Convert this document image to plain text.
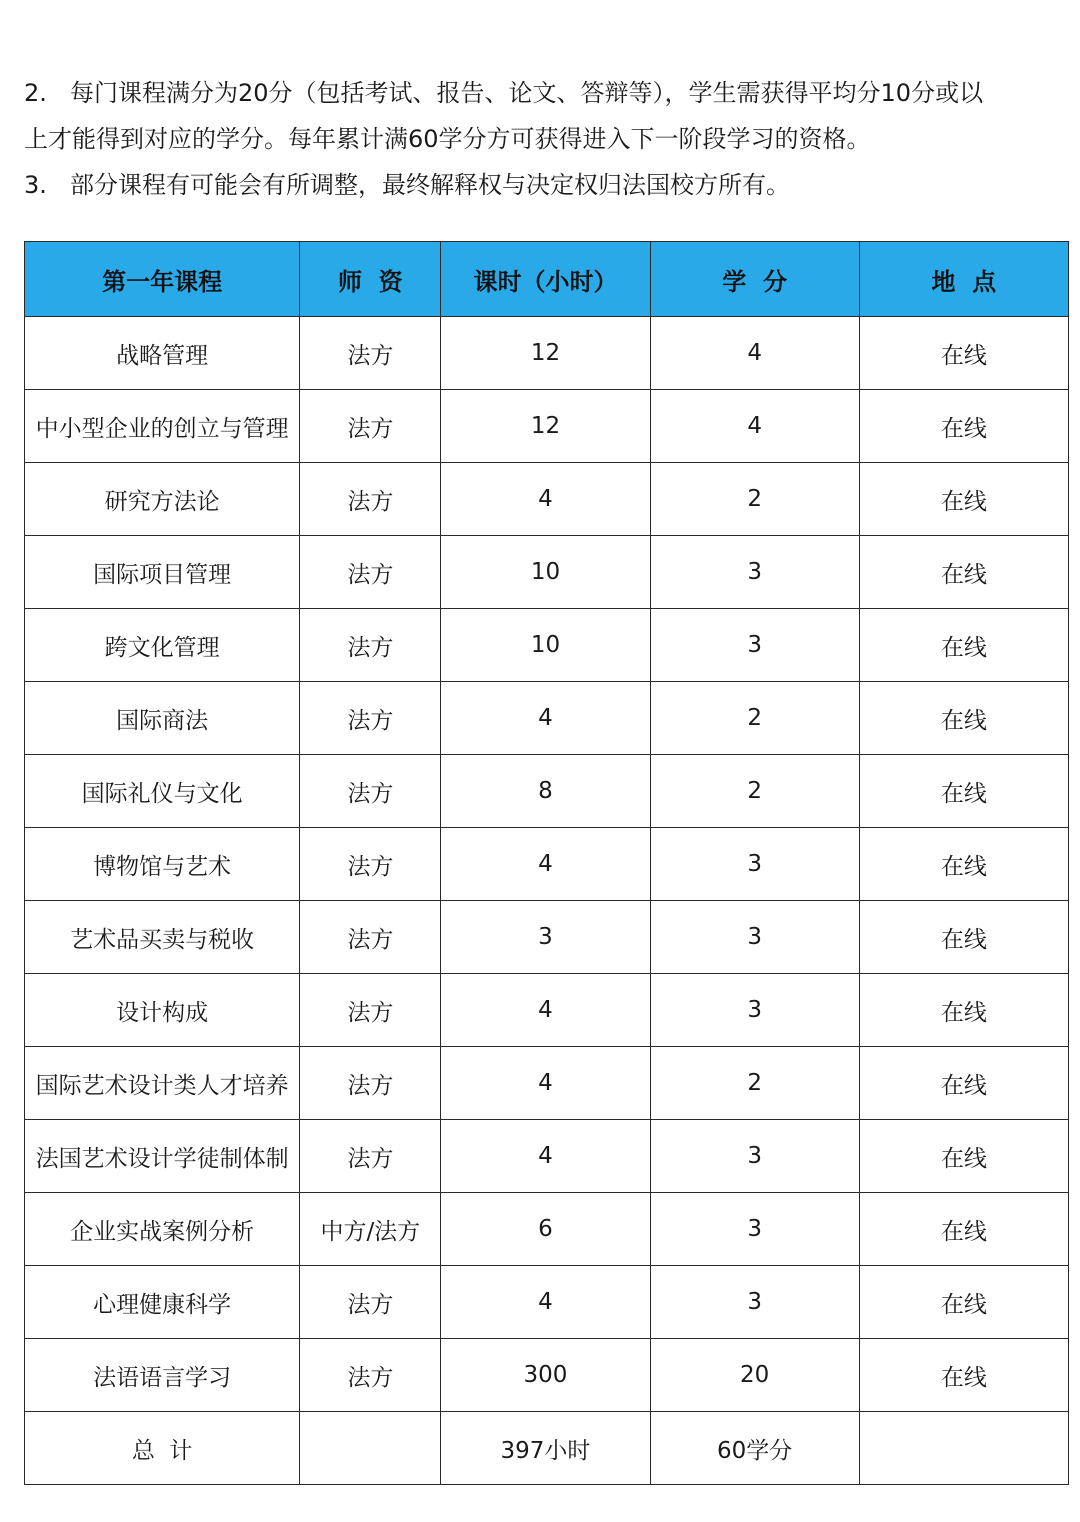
2. 每门课程满分为20分（包括考试、报告、论文、答辩等），学生需获得平均分10分或以

上才能得到对应的学分。每年累计满60学分方可获得进入下一阶段学习的资格。

3. 部分课程有可能会有所调整，最终解释权与决定权归法国校方所有。

第一年课程	师  资	课时（小时）	学  分	地  点
战略管理	法方	12	4	在线
中小型企业的创立与管理	法方	12	4	在线
研究方法论	法方	4	2	在线
国际项目管理	法方	10	3	在线
跨文化管理	法方	10	3	在线
国际商法	法方	4	2	在线
国际礼仪与文化	法方	8	2	在线
博物馆与艺术	法方	4	3	在线
艺术品买卖与税收	法方	3	3	在线
设计构成	法方	4	3	在线
国际艺术设计类人才培养	法方	4	2	在线
法国艺术设计学徒制体制	法方	4	3	在线
企业实战案例分析	中方/法方	6	3	在线
心理健康科学	法方	4	3	在线
法语语言学习	法方	300	20	在线
总  计		397小时	60学分	
